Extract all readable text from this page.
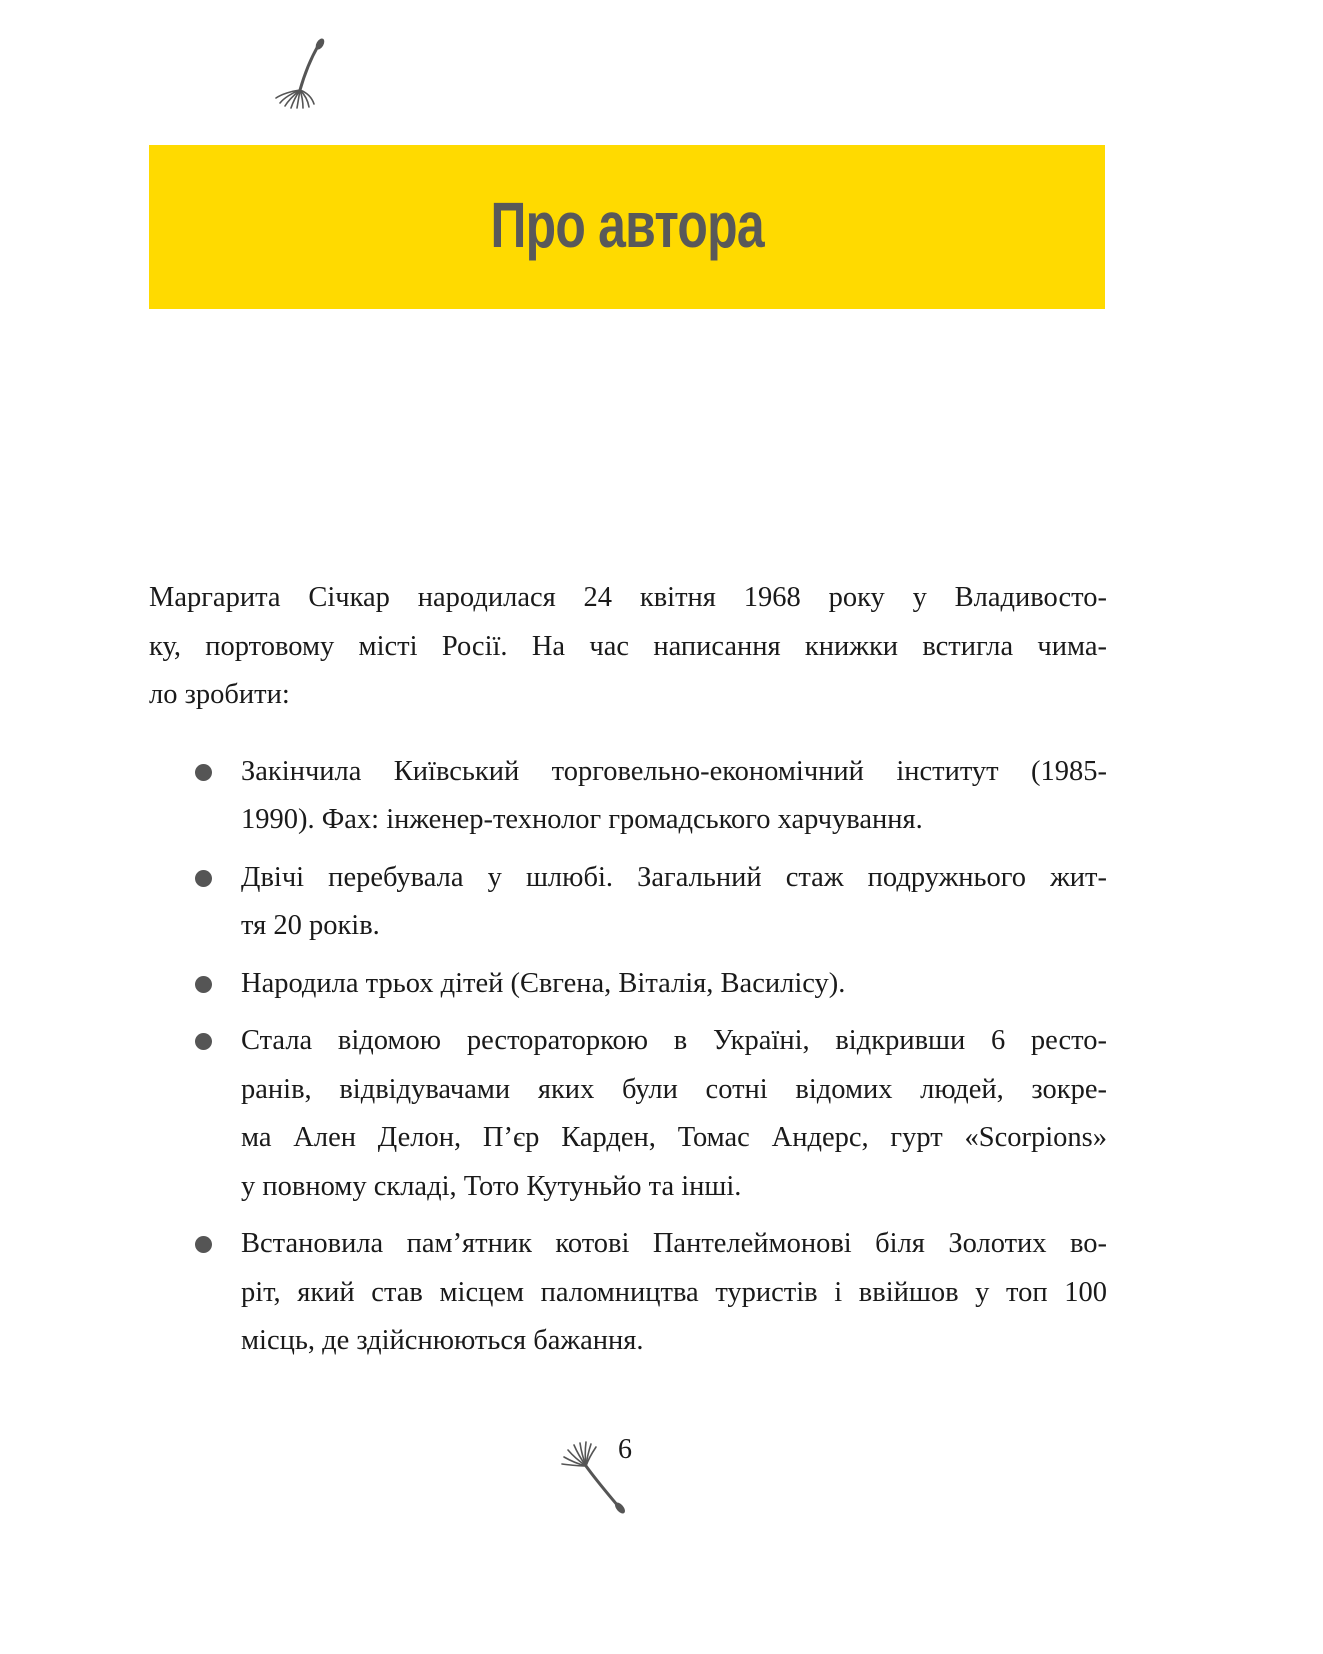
Про автора

Маргарита Січкар народилася 24 квітня 1968 року у Владивосто-
ку, портовому місті Росії. На час написання книжки встигла чима-
ло зробити:

Закінчила Київський торговельно-економічний інститут (1985-
1990). Фах: інженер-технолог громадського харчування.
Двічі перебувала у шлюбі. Загальний стаж подружнього жит-
тя 20 років.
Народила трьох дітей (Євгена, Віталія, Василісу).
Стала відомою рестораторкою в Україні, відкривши 6 ресто-
ранів, відвідувачами яких були сотні відомих людей, зокре-
ма Ален Делон, П’єр Карден, Томас Андерс, гурт «Scorpions»
у повному складі, Тото Кутуньйо та інші.
Встановила пам’ятник котові Пантелеймонові біля Золотих во-
ріт, який став місцем паломництва туристів і ввійшов у топ 100
місць, де здійснюються бажання.
6
